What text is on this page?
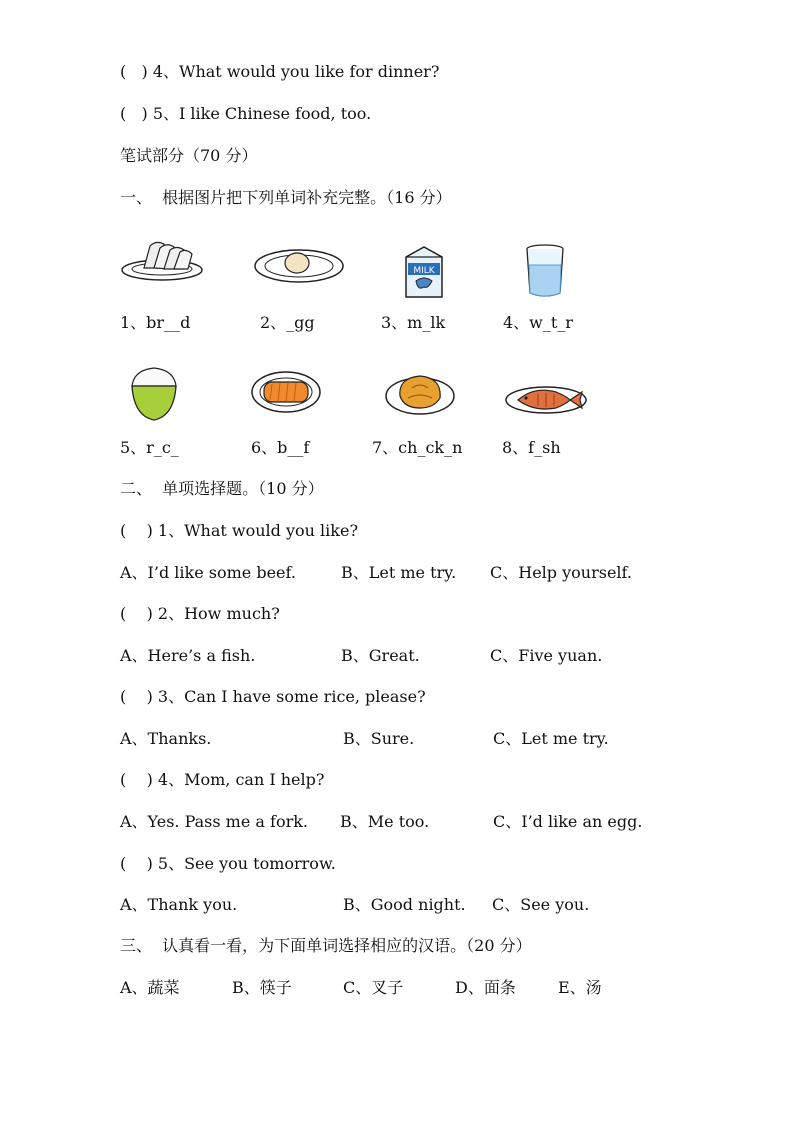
(   ) 4、What would you like for dinner?
(   ) 5、I like Chinese food, too.
笔试部分（70 分）
一、  根据图片把下列单词补充完整。（16 分）
MILK
1、br__d	2、_gg	3、m_lk	4、w_t_r
5、r_c_	6、b__f	7、ch_ck_n 8、f_sh
二、  单项选择题。（10 分）
(    ) 1、What would you like?
A、I’d like some beef.	B、Let me try. C、Help yourself.
(    ) 2、How much?
A、Here’s a fish.	B、Great.	C、Five yuan.
(    ) 3、Can I have some rice, please?
A、Thanks.	B、Sure.	C、Let me try.
(    ) 4、Mom, can I help?
A、Yes. Pass me a fork. B、Me too.	C、I’d like an egg.
(    ) 5、See you tomorrow.
A、Thank you.	B、Good night. C、See you.
三、  认真看一看，为下面单词选择相应的汉语。（20 分）
A、蔬菜	B、筷子	C、叉子	D、面条	E、汤
